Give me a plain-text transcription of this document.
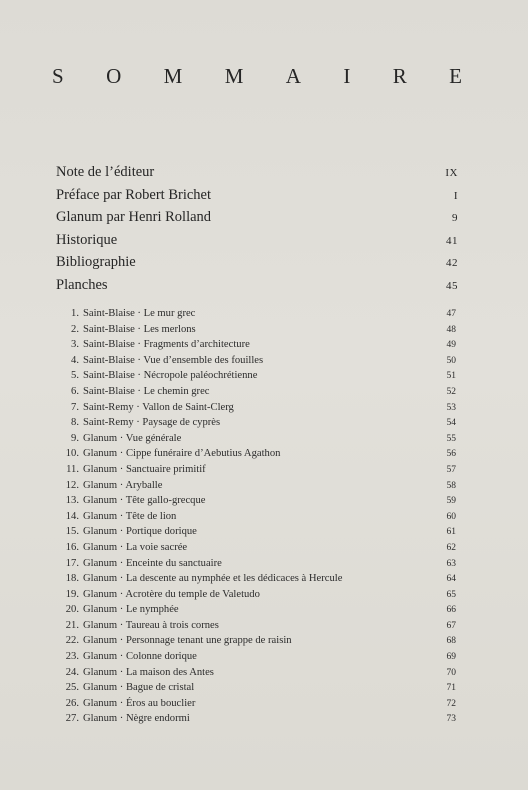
S O M M A I R E
Note de l’éditeur	IX
Préface par Robert Brichet	I
Glanum par Henri Rolland	9
Historique	41
Bibliographie	42
Planches	45
1. Saint-Blaise · Le mur grec	47
2. Saint-Blaise · Les merlons	48
3. Saint-Blaise · Fragments d’architecture	49
4. Saint-Blaise · Vue d’ensemble des fouilles	50
5. Saint-Blaise · Nécropole paléochrétienne	51
6. Saint-Blaise · Le chemin grec	52
7. Saint-Remy · Vallon de Saint-Clerg	53
8. Saint-Remy · Paysage de cyprès	54
9. Glanum · Vue générale	55
10. Glanum · Cippe funéraire d’Aebutius Agathon	56
11. Glanum · Sanctuaire primitif	57
12. Glanum · Aryballe	58
13. Glanum · Tête gallo-grecque	59
14. Glanum · Tête de lion	60
15. Glanum · Portique dorique	61
16. Glanum · La voie sacrée	62
17. Glanum · Enceinte du sanctuaire	63
18. Glanum · La descente au nymphée et les dédicaces à Hercule	64
19. Glanum · Acrotère du temple de Valetudo	65
20. Glanum · Le nymphée	66
21. Glanum · Taureau à trois cornes	67
22. Glanum · Personnage tenant une grappe de raisin	68
23. Glanum · Colonne dorique	69
24. Glanum · La maison des Antes	70
25. Glanum · Bague de cristal	71
26. Glanum · Éros au bouclier	72
27. Glanum · Nègre endormi	73
